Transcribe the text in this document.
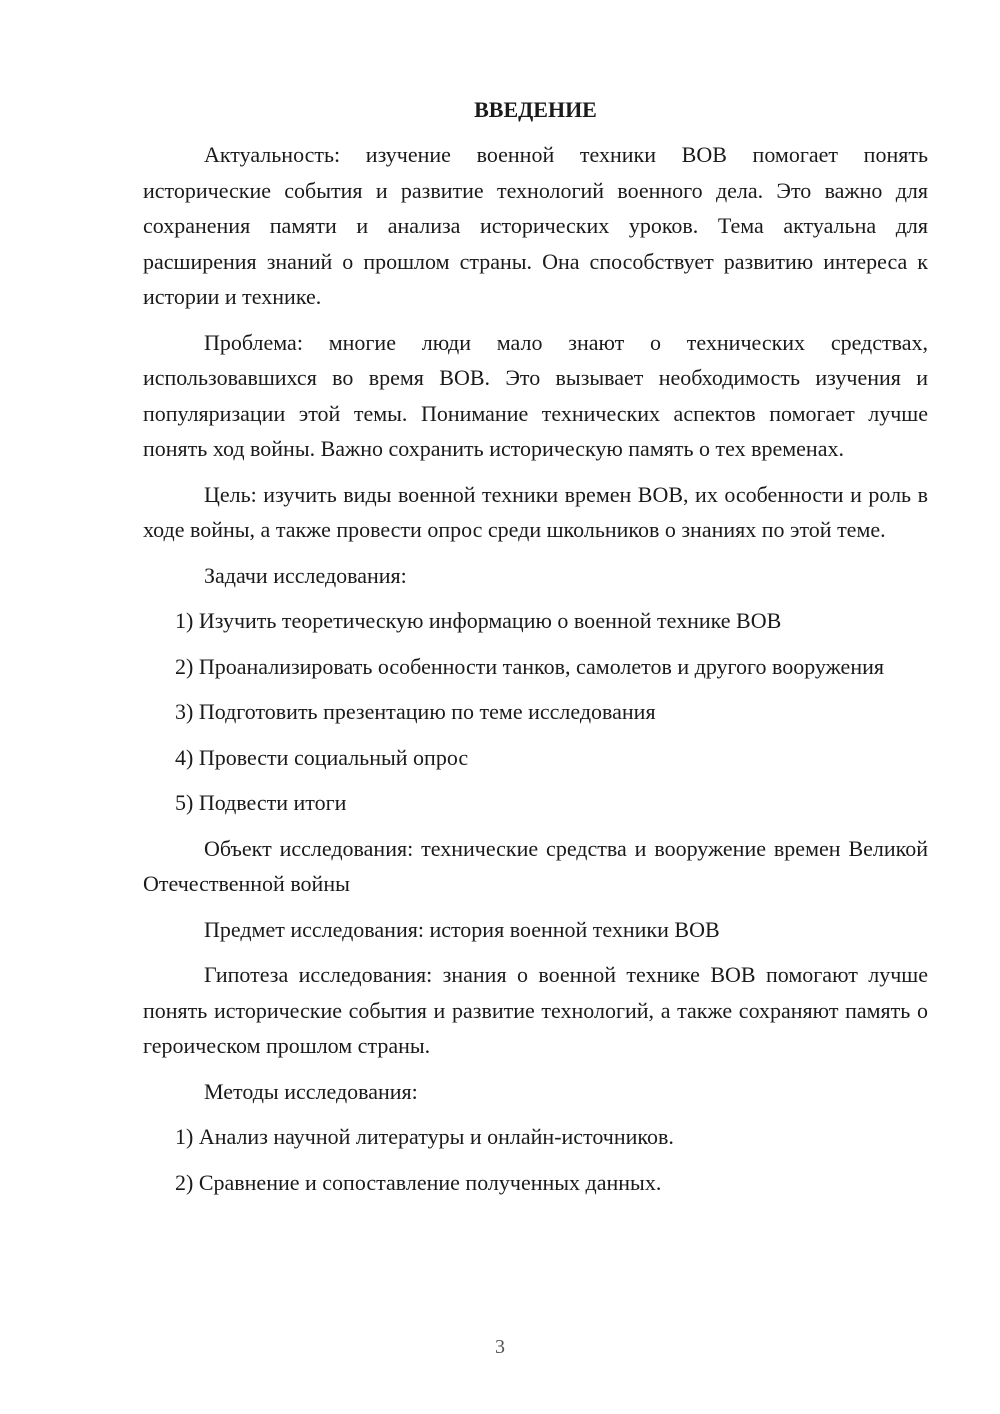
ВВЕДЕНИЕ

Актуальность: изучение военной техники ВОВ помогает понять исторические события и развитие технологий военного дела. Это важно для сохранения памяти и анализа исторических уроков. Тема актуальна для расширения знаний о прошлом страны. Она способствует развитию интереса к истории и технике.

Проблема: многие люди мало знают о технических средствах, использовавшихся во время ВОВ. Это вызывает необходимость изучения и популяризации этой темы. Понимание технических аспектов помогает лучше понять ход войны. Важно сохранить историческую память о тех временах.

Цель: изучить виды военной техники времен ВОВ, их особенности и роль в ходе войны, а также провести опрос среди школьников о знаниях по этой теме.

Задачи исследования:

1) Изучить теоретическую информацию о военной технике ВОВ

2) Проанализировать особенности танков, самолетов и другого вооружения

3) Подготовить презентацию по теме исследования

4) Провести социальный опрос

5) Подвести итоги

Объект исследования: технические средства и вооружение времен Великой Отечественной войны

Предмет исследования: история военной техники ВОВ

Гипотеза исследования: знания о военной технике ВОВ помогают лучше понять исторические события и развитие технологий, а также сохраняют память о героическом прошлом страны.

Методы исследования:

1) Анализ научной литературы и онлайн-источников.

2) Сравнение и сопоставление полученных данных.

3
